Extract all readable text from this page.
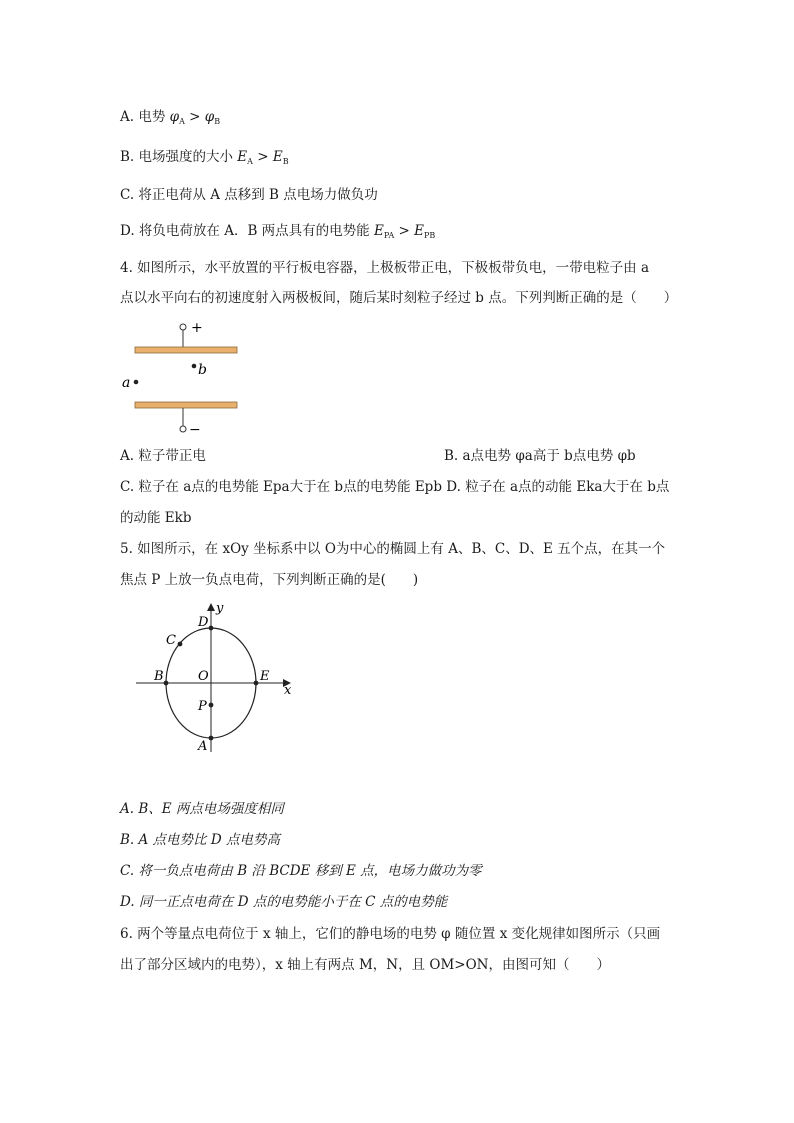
A. 电势 $\varphi_A > \varphi_B$
B. 电场强度的大小 $E_A > E_B$
C. 将正电荷从 A 点移到 B 点电场力做负功
D. 将负电荷放在 A．B 两点具有的电势能 $E_{PA} > E_{PB}$
4. 如图所示，水平放置的平行板电容器，上极板带正电，下极板带负电，一带电粒子由 a
点以水平向右的初速度射入两极板间，随后某时刻粒子经过 b 点。下列判断正确的是（　　）
+
b
a
−
A. 粒子带正电	B. a点电势 φa高于 b点电势 φb
C. 粒子在 a点的电势能 Epa大于在 b点的电势能 Epb D. 粒子在 a点的动能 Eka大于在 b点
的动能 Ekb
5. 如图所示，在 xOy 坐标系中以 O为中心的椭圆上有 A、B、C、D、E 五个点，在其一个
焦点 P 上放一负点电荷，下列判断正确的是(　　)
y
D
C
B	O	E
x
P
A
A. B、E 两点电场强度相同
B. A 点电势比 D 点电势高
C. 将一负点电荷由 B 沿 BCDE 移到 E 点，电场力做功为零
D. 同一正点电荷在 D 点的电势能小于在 C 点的电势能
6. 两个等量点电荷位于 x 轴上，它们的静电场的电势 φ 随位置 x 变化规律如图所示（只画
出了部分区域内的电势），x 轴上有两点 M，N，且 OM>ON，由图可知（　　）
